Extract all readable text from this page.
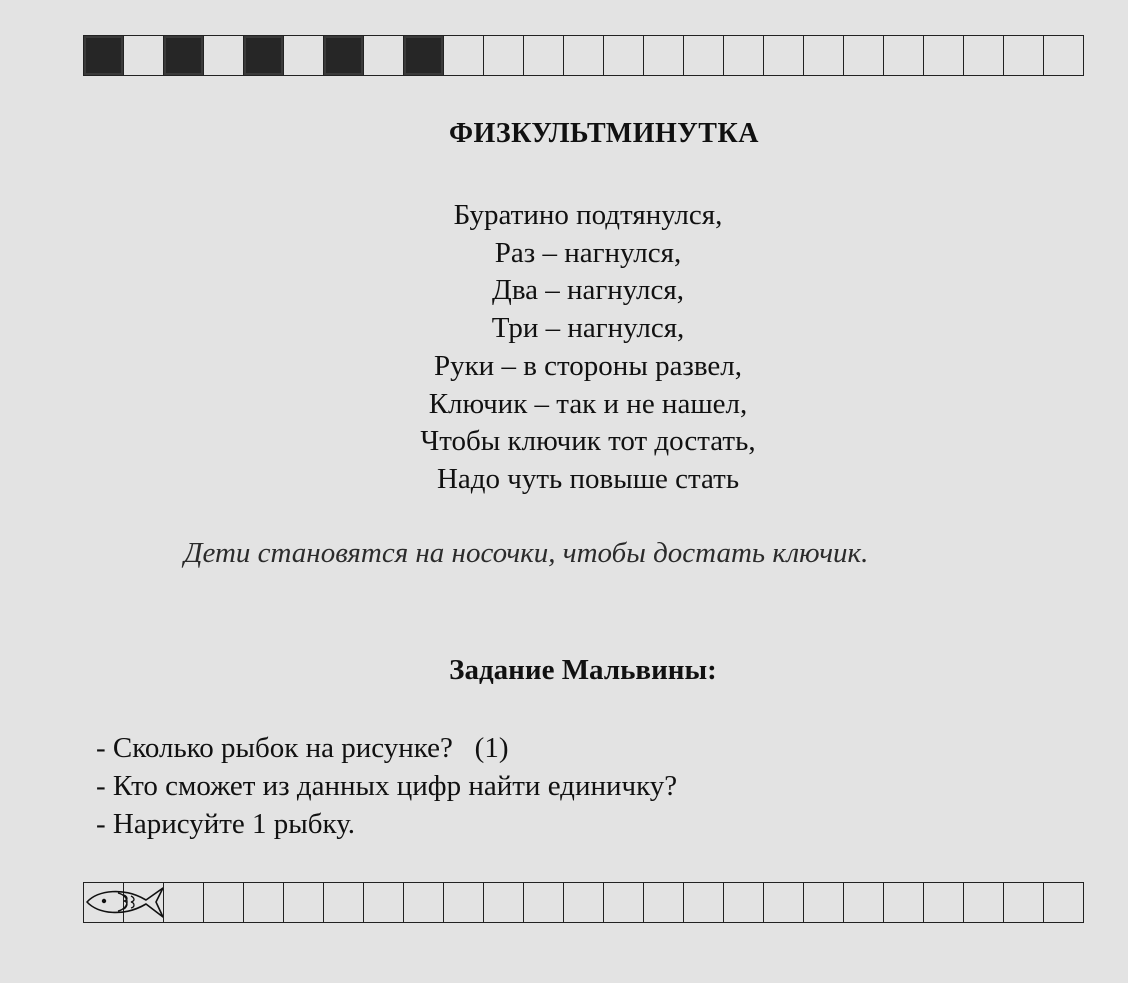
ФИЗКУЛЬТМИНУТКА
Буратино подтянулся,
Раз – нагнулся,
Два – нагнулся,
Три – нагнулся,
Руки – в стороны развел,
Ключик – так и не нашел,
Чтобы ключик тот достать,
Надо чуть повыше стать

Дети становятся на носочки, чтобы достать ключик.

Задание Мальвины:
- Сколько рыбок на рисунке?   (1)
- Кто сможет из данных цифр найти единичку?
- Нарисуйте 1 рыбку.
